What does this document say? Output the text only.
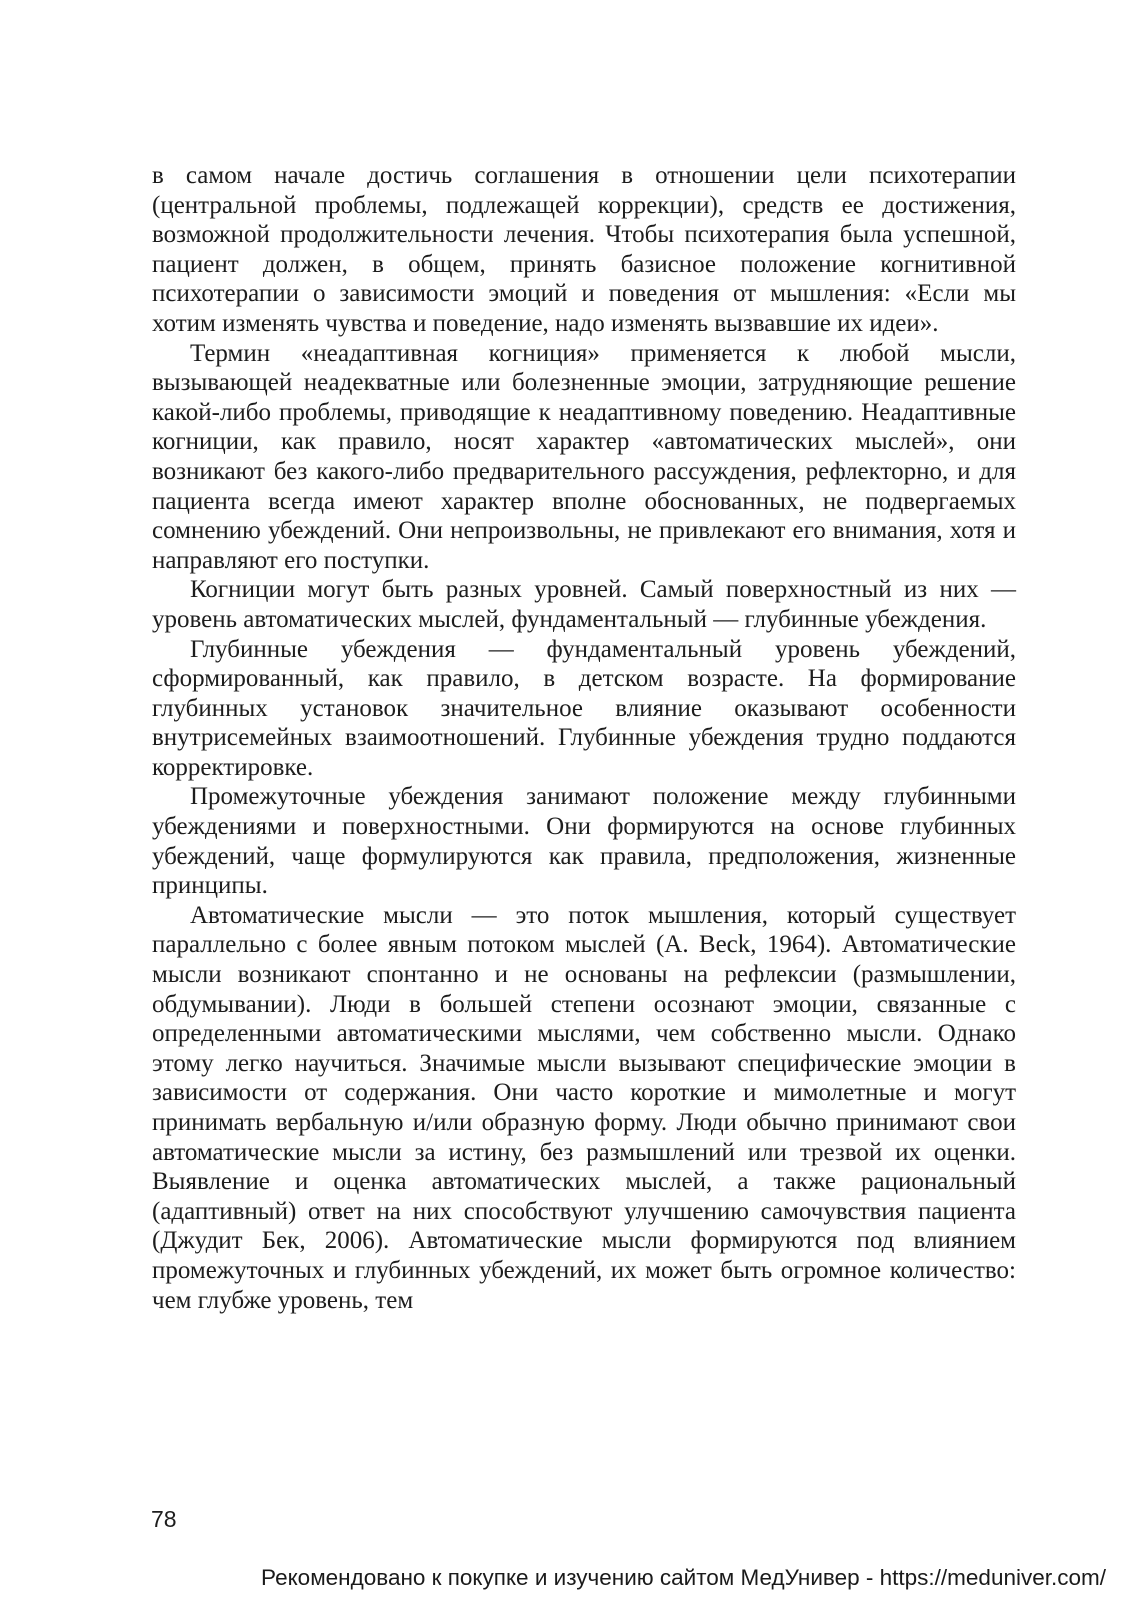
в самом начале достичь соглашения в отношении цели психотерапии (центральной проблемы, подлежащей коррекции), средств ее достижения, возможной продолжительности лечения. Чтобы психотерапия была успешной, пациент должен, в общем, принять базисное положение когнитивной психотерапии о зависимости эмоций и поведения от мышления: «Если мы хотим изменять чувства и поведение, надо изменять вызвавшие их идеи».

Термин «неадаптивная когниция» применяется к любой мысли, вызывающей неадекватные или болезненные эмоции, затрудняющие решение какой-либо проблемы, приводящие к неадаптивному поведению. Неадаптивные когниции, как правило, носят характер «автоматических мыслей», они возникают без какого-либо предварительного рассуждения, рефлекторно, и для пациента всегда имеют характер вполне обоснованных, не подвергаемых сомнению убеждений. Они непроизвольны, не привлекают его внимания, хотя и направляют его поступки.

Когниции могут быть разных уровней. Самый поверхностный из них — уровень автоматических мыслей, фундаментальный — глубинные убеждения.

Глубинные убеждения — фундаментальный уровень убеждений, сформированный, как правило, в детском возрасте. На формирование глубинных установок значительное влияние оказывают особенности внутрисемейных взаимоотношений. Глубинные убеждения трудно поддаются корректировке.

Промежуточные убеждения занимают положение между глубинными убеждениями и поверхностными. Они формируются на основе глубинных убеждений, чаще формулируются как правила, предположения, жизненные принципы.

Автоматические мысли — это поток мышления, который существует параллельно с более явным потоком мыслей (A. Beck, 1964). Автоматические мысли возникают спонтанно и не основаны на рефлексии (размышлении, обдумывании). Люди в большей степени осознают эмоции, связанные с определенными автоматическими мыслями, чем собственно мысли. Однако этому легко научиться. Значимые мысли вызывают специфические эмоции в зависимости от содержания. Они часто короткие и мимолетные и могут принимать вербальную и/или образную форму. Люди обычно принимают свои автоматические мысли за истину, без размышлений или трезвой их оценки. Выявление и оценка автоматических мыслей, а также рациональный (адаптивный) ответ на них способствуют улучшению самочувствия пациента (Джудит Бек, 2006). Автоматические мысли формируются под влиянием промежуточных и глубинных убеждений, их может быть огромное количество: чем глубже уровень, тем

78
Рекомендовано к покупке и изучению сайтом МедУнивер - https://meduniver.com/
